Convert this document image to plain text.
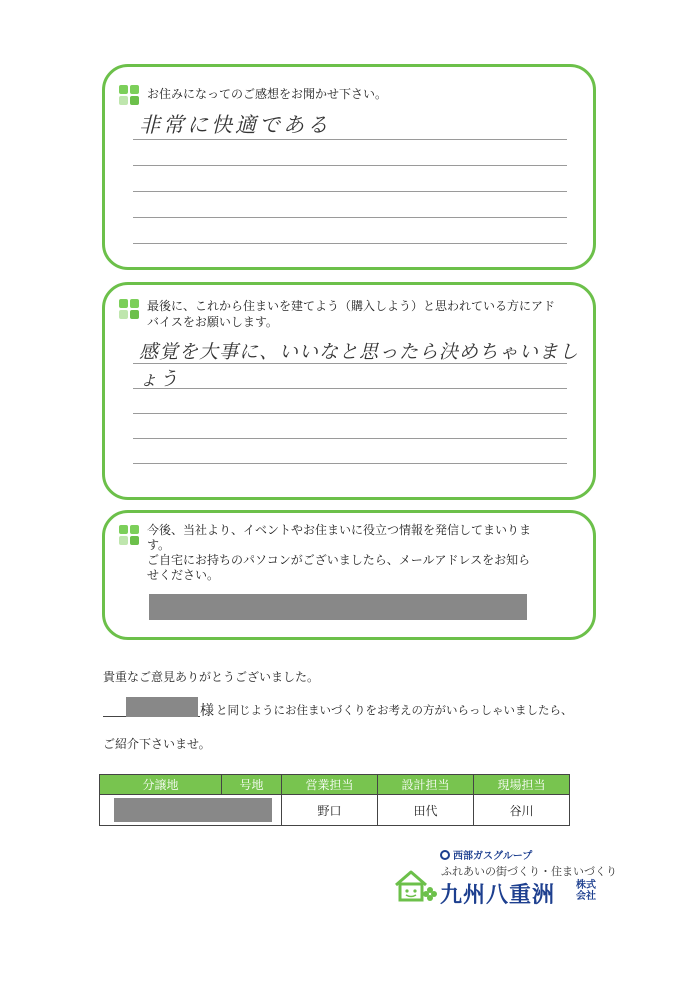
お住みになってのご感想をお聞かせ下さい。
非常に快適である
最後に、これから住まいを建てよう（購入しよう）と思われている方にアド
バイスをお願いします。
感覚を大事に、いいなと思ったら決めちゃいましょう
今後、当社より、イベントやお住まいに役立つ情報を発信してまいりま
す。
ご自宅にお持ちのパソコンがございましたら、メールアドレスをお知ら
せください。
貴重なご意見ありがとうございました。
様 と同じようにお住まいづくりをお考えの方がいらっしゃいましたら、
ご紹介下さいませ。
分譲地	号地	営業担当	設計担当	現場担当

		野口	田代	谷川
西部ガスグループ
ふれあいの街づくり・住まいづくり
九州八重洲 株式会社
